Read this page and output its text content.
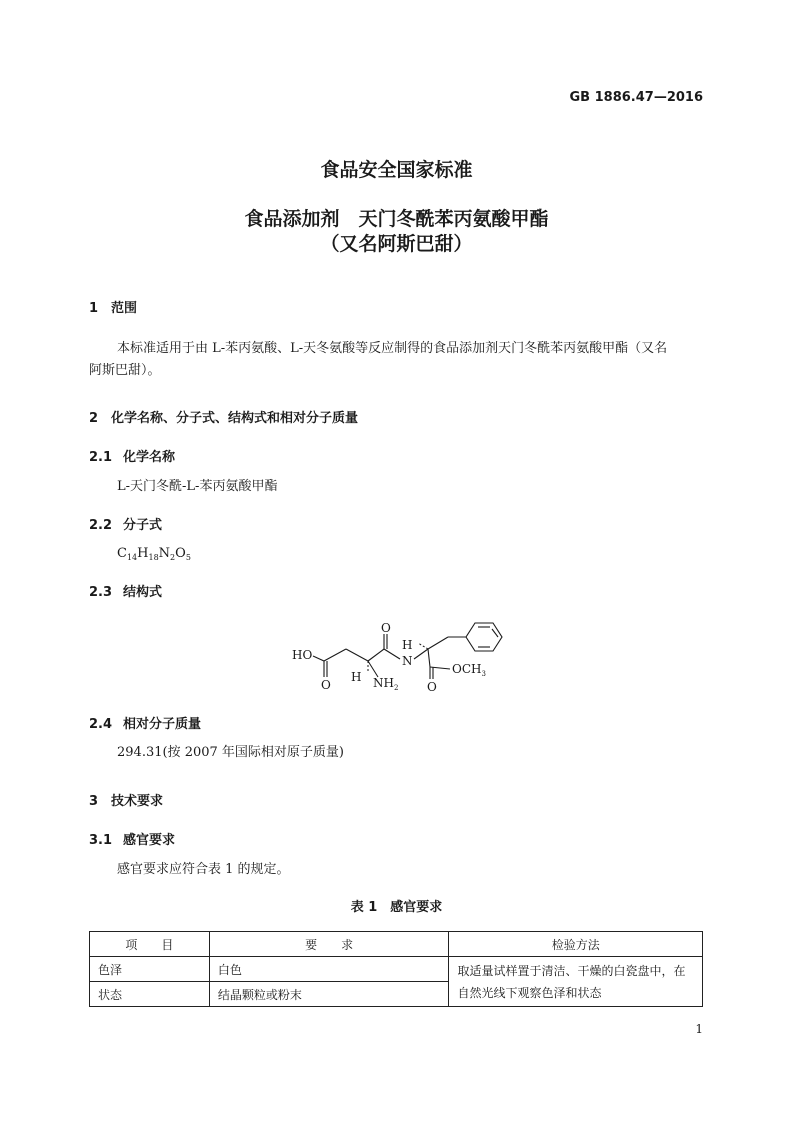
GB 1886.47—2016
食品安全国家标准
食品添加剂　天门冬酰苯丙氨酸甲酯
（又名阿斯巴甜）
1 范围
本标准适用于由 L-苯丙氨酸、L-天冬氨酸等反应制得的食品添加剂天门冬酰苯丙氨酸甲酯（又名
阿斯巴甜）。
2 化学名称、分子式、结构式和相对分子质量
2.1 化学名称
L-天门冬酰-L-苯丙氨酸甲酯
2.2 分子式
$C_{14}H_{18}N_2O_5$
2.3 结构式
HO
O
O
O
H
N
H $NH_2$
$OCH_3$
2.4 相对分子质量
294.31(按 2007 年国际相对原子质量)
3 技术要求
3.1 感官要求
感官要求应符合表 1 的规定。
表 1　感官要求
项　　目	要　　求	检验方法
色泽	白色	取适量试样置于清洁、干燥的白瓷盘中，在自然光线下观察色泽和状态
状态	结晶颗粒或粉末	
1
